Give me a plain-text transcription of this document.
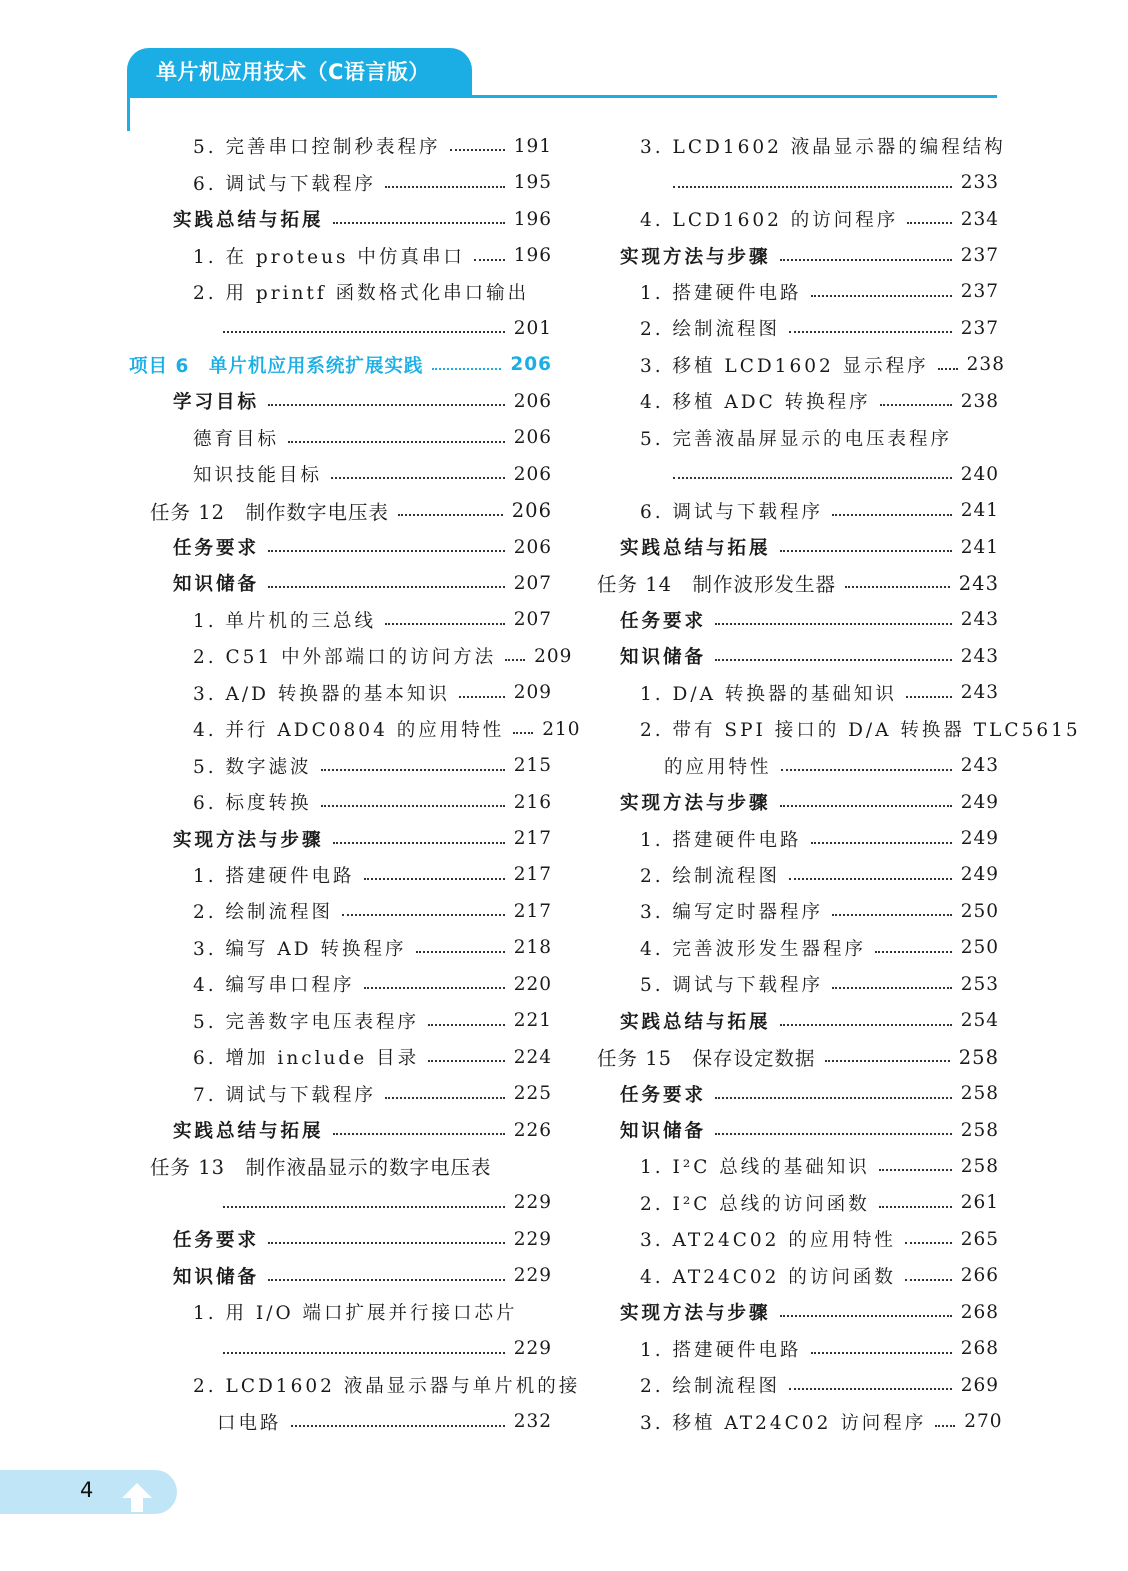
单片机应用技术（C语言版）
5. 完善串口控制秒表程序	191
6. 调试与下载程序	195
实践总结与拓展	196
1. 在 proteus 中仿真串口	196
2. 用 printf 函数格式化串口输出
201
项目 6　单片机应用系统扩展实践	206
学习目标	206
德育目标	206
知识技能目标	206
任务 12　制作数字电压表	206
任务要求	206
知识储备	207
1. 单片机的三总线	207
2. C51 中外部端口的访问方法 209
3. A/D 转换器的基本知识	209
4. 并行 ADC0804 的应用特性 210
5. 数字滤波	215
6. 标度转换	216
实现方法与步骤	217
1. 搭建硬件电路	217
2. 绘制流程图	217
3. 编写 AD 转换程序	218
4. 编写串口程序	220
5. 完善数字电压表程序	221
6. 增加 include 目录	224
7. 调试与下载程序	225
实践总结与拓展	226
任务 13　制作液晶显示的数字电压表
229
任务要求	229
知识储备	229
1. 用 I/O 端口扩展并行接口芯片
229
2. LCD1602 液晶显示器与单片机的接
口电路	232
3. LCD1602 液晶显示器的编程结构
233
4. LCD1602 的访问程序	234
实现方法与步骤	237
1. 搭建硬件电路	237
2. 绘制流程图	237
3. 移植 LCD1602 显示程序 238
4. 移植 ADC 转换程序	238
5. 完善液晶屏显示的电压表程序
240
6. 调试与下载程序	241
实践总结与拓展	241
任务 14　制作波形发生器	243
任务要求	243
知识储备	243
1. D/A 转换器的基础知识	243
2. 带有 SPI 接口的 D/A 转换器 TLC5615
的应用特性	243
实现方法与步骤	249
1. 搭建硬件电路	249
2. 绘制流程图	249
3. 编写定时器程序	250
4. 完善波形发生器程序	250
5. 调试与下载程序	253
实践总结与拓展	254
任务 15　保存设定数据	258
任务要求	258
知识储备	258
1. I²C 总线的基础知识	258
2. I²C 总线的访问函数	261
3. AT24C02 的应用特性	265
4. AT24C02 的访问函数	266
实现方法与步骤	268
1. 搭建硬件电路	268
2. 绘制流程图	269
3. 移植 AT24C02 访问程序 270
4
